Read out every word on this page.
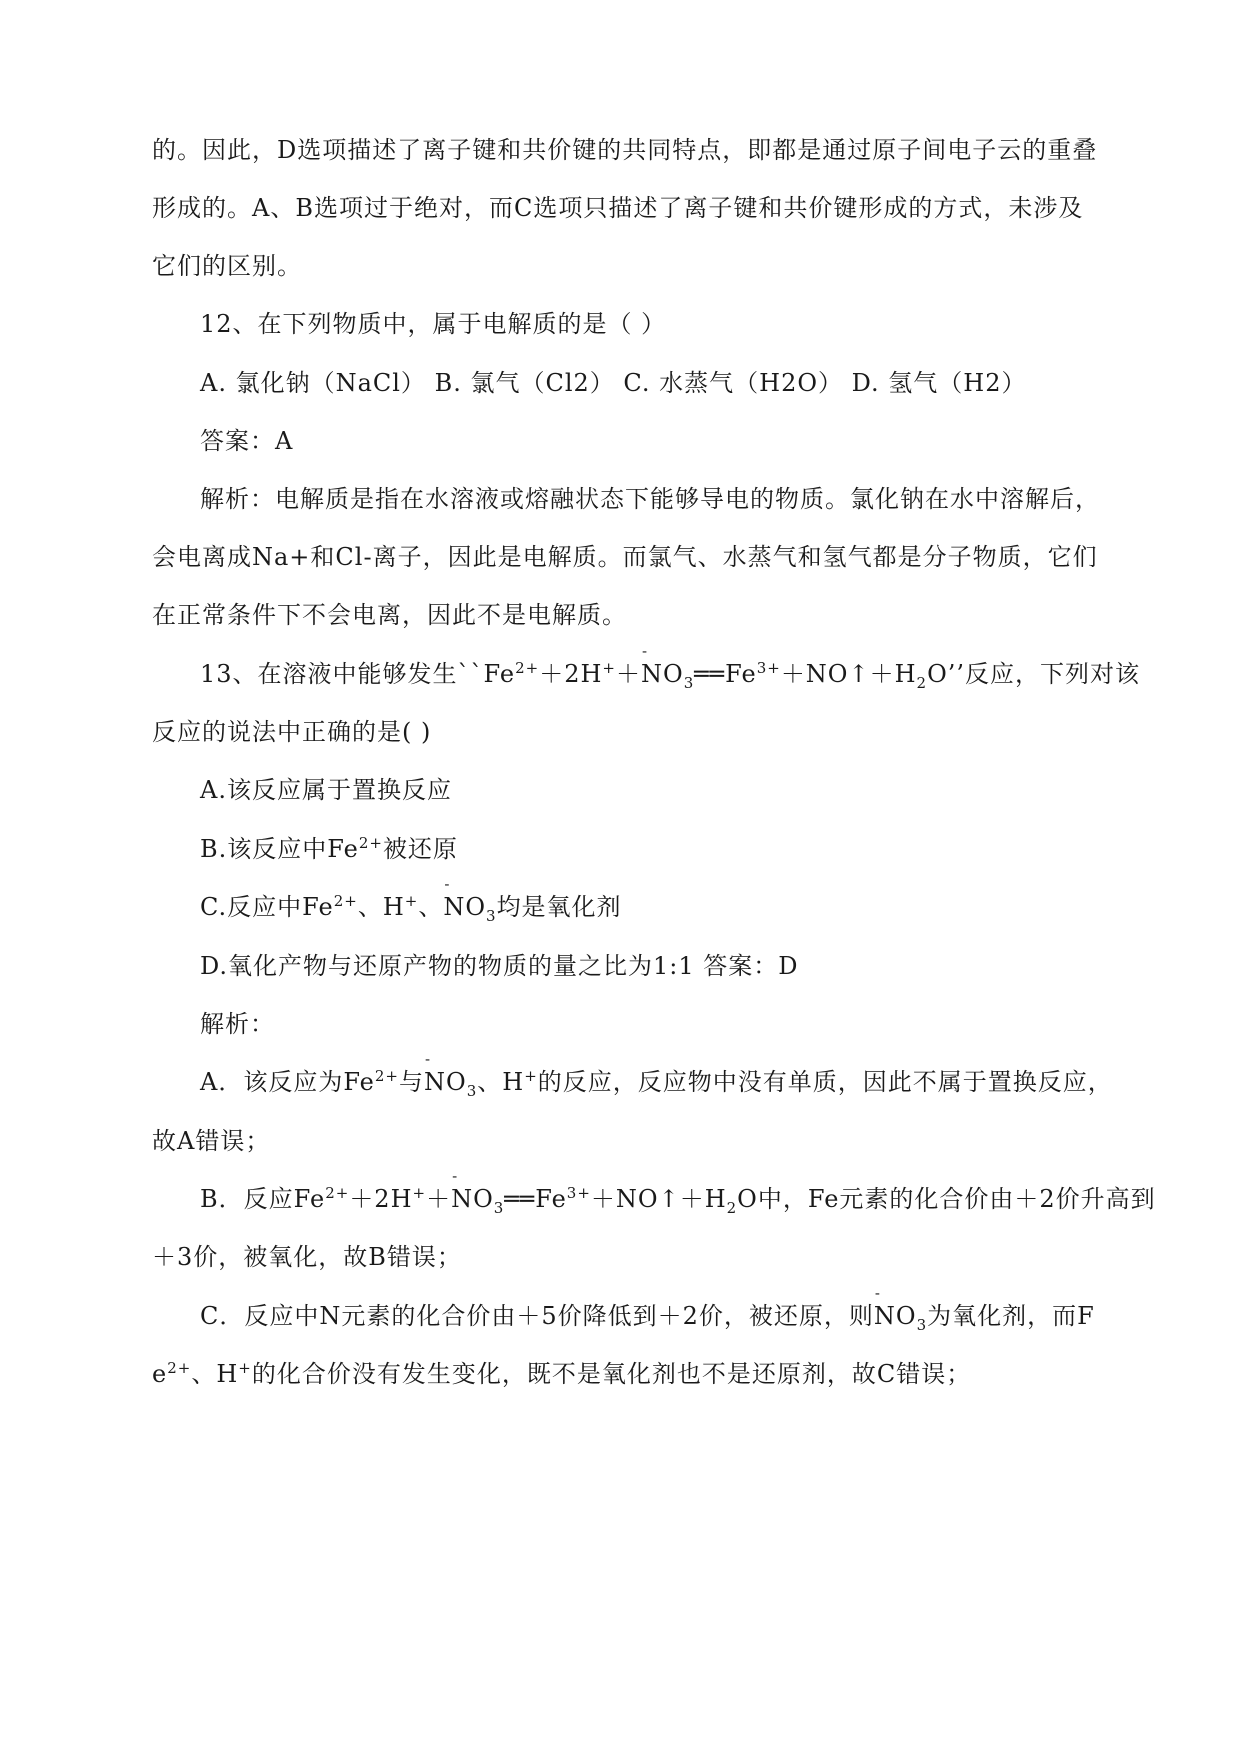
的。因此，D选项描述了离子键和共价键的共同特点，即都是通过原子间电子云的重叠
形成的。A、B选项过于绝对，而C选项只描述了离子键和共价键形成的方式，未涉及
它们的区别。
12、在下列物质中，属于电解质的是（ ）
A. 氯化钠（NaCl） B. 氯气（Cl2） C. 水蒸气（H2O） D. 氢气（H2）
答案：A
解析：电解质是指在水溶液或熔融状态下能够导电的物质。氯化钠在水中溶解后，
会电离成Na+和Cl-离子，因此是电解质。而氯气、水蒸气和氢气都是分子物质，它们
在正常条件下不会电离，因此不是电解质。
13、在溶液中能够发生$``Fe^{2+}+2H^++NO_3$
-
$══Fe^{3+}+NO↑+H_2O$’’反应，下列对该
反应的说法中正确的是( )
A.该反应属于置换反应
B.该反应中$Fe^{2+}$被还原
C.反应中$Fe^{2+}$、H+、$NO_3$
-
均是氧化剂
D.氧化产物与还原产物的物质的量之比为1:1 答案：D
解析：
A．该反应为$Fe^{2+}$与$NO_3$
-
、H+的反应，反应物中没有单质，因此不属于置换反应，
故A错误；
B．反应$Fe^{2+}+2H^++NO_3$
-
$══Fe^{3+}+NO↑+H_2O$中，Fe元素的化合价由＋2价升高到
＋3价，被氧化，故B错误；
C．反应中N元素的化合价由＋5价降低到＋2价，被还原，则$NO_3$
-
为氧化剂，而F
$e^{2+}$、H+的化合价没有发生变化，既不是氧化剂也不是还原剂，故C错误；
